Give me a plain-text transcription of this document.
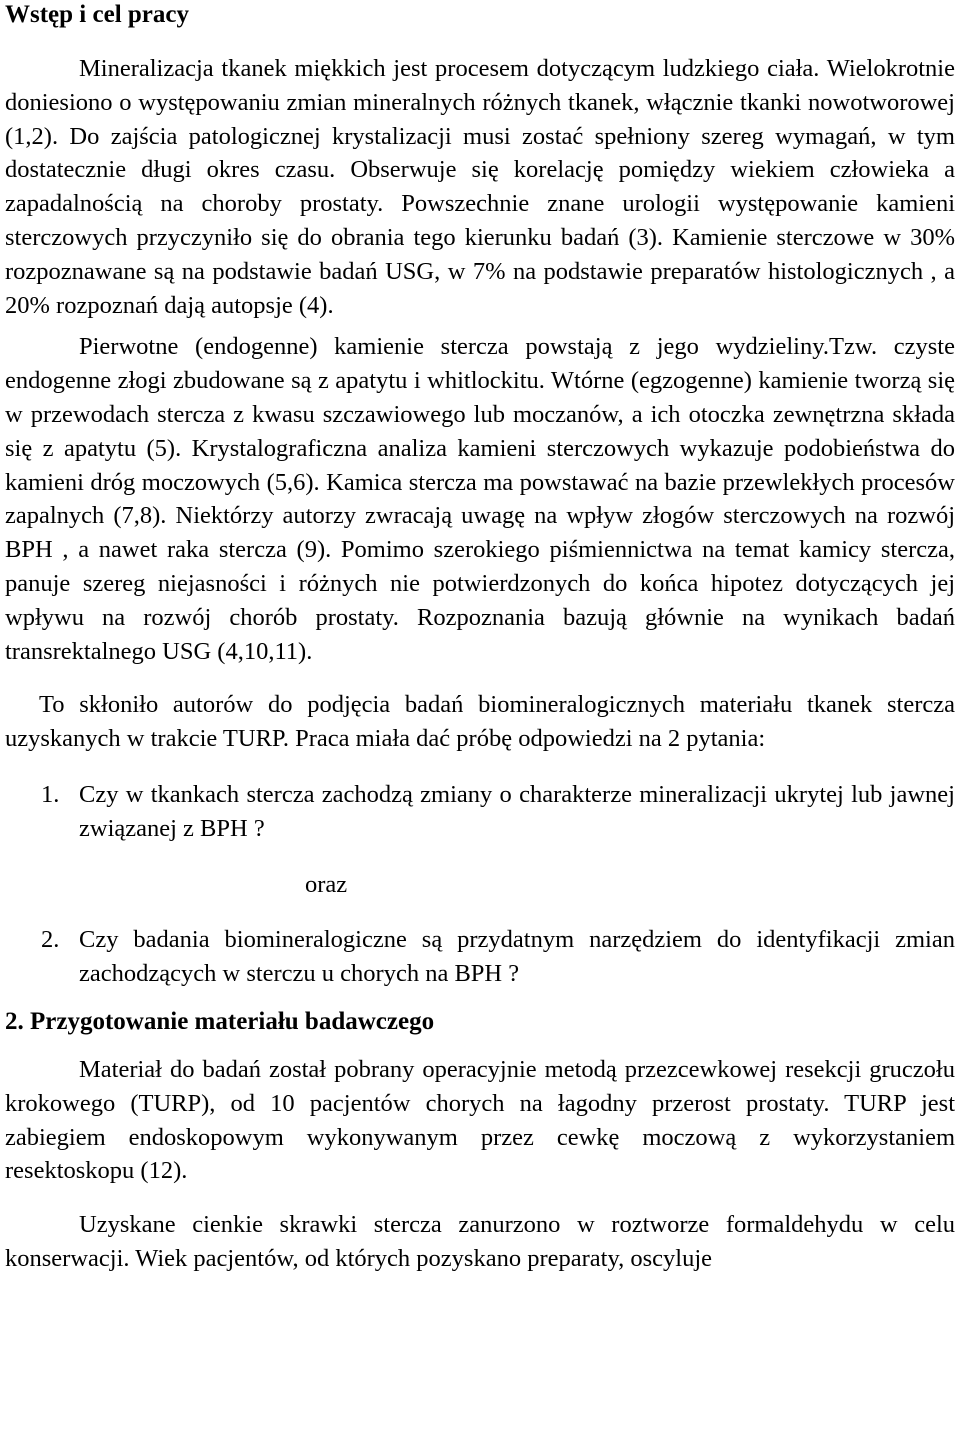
Wstęp i cel pracy

Mineralizacja tkanek miękkich jest procesem dotyczącym ludzkiego ciała. Wielokrotnie doniesiono o występowaniu zmian mineralnych różnych tkanek, włącznie tkanki nowotworowej (1,2). Do zajścia patologicznej krystalizacji musi zostać spełniony szereg wymagań, w tym dostatecznie długi okres czasu. Obserwuje się korelację pomiędzy wiekiem człowieka a zapadalnością na choroby prostaty. Powszechnie znane urologii występowanie kamieni sterczowych przyczyniło się do obrania tego kierunku badań (3). Kamienie sterczowe w 30% rozpoznawane są na podstawie badań USG, w 7% na podstawie preparatów histologicznych , a 20% rozpoznań dają autopsje (4).

Pierwotne (endogenne) kamienie stercza powstają z jego wydzieliny.Tzw. czyste endogenne złogi zbudowane są z apatytu i whitlockitu. Wtórne (egzogenne) kamienie tworzą się w przewodach stercza z kwasu szczawiowego lub moczanów, a ich otoczka zewnętrzna składa się z apatytu (5). Krystalograficzna analiza kamieni sterczowych wykazuje podobieństwa do kamieni dróg moczowych (5,6). Kamica stercza ma powstawać na bazie przewlekłych procesów zapalnych (7,8). Niektórzy autorzy zwracają uwagę na wpływ złogów sterczowych na rozwój BPH , a nawet raka stercza (9). Pomimo szerokiego piśmiennictwa na temat kamicy stercza, panuje szereg niejasności i różnych nie potwierdzonych do końca hipotez dotyczących jej wpływu na rozwój chorób prostaty. Rozpoznania bazują głównie na wynikach badań transrektalnego USG (4,10,11).

To skłoniło autorów do podjęcia badań biomineralogicznych materiału tkanek stercza uzyskanych w trakcie TURP. Praca miała dać próbę odpowiedzi na 2 pytania:

1. Czy w tkankach stercza zachodzą zmiany o charakterze mineralizacji ukrytej lub jawnej związanej z BPH ?

oraz

2. Czy badania biomineralogiczne są przydatnym narzędziem do identyfikacji zmian zachodzących w sterczu u chorych na BPH ?
2. Przygotowanie materiału badawczego

Materiał do badań został pobrany operacyjnie metodą przezcewkowej resekcji gruczołu krokowego (TURP), od 10 pacjentów chorych na łagodny przerost prostaty. TURP jest zabiegiem endoskopowym wykonywanym przez cewkę moczową z wykorzystaniem resektoskopu (12).

Uzyskane cienkie skrawki stercza zanurzono w roztworze formaldehydu w celu konserwacji. Wiek pacjentów, od których pozyskano preparaty, oscyluje
